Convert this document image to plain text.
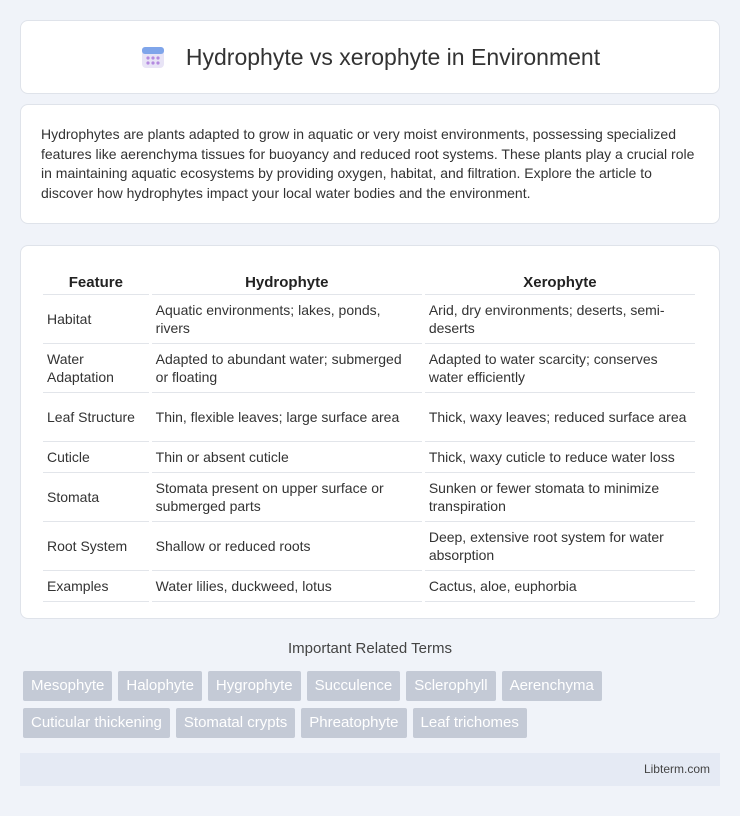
Hydrophyte vs xerophyte in Environment

Hydrophytes are plants adapted to grow in aquatic or very moist environments, possessing specialized features like aerenchyma tissues for buoyancy and reduced root systems. These plants play a crucial role in maintaining aquatic ecosystems by providing oxygen, habitat, and filtration. Explore the article to discover how hydrophytes impact your local water bodies and the environment.

Feature	Hydrophyte	Xerophyte
Habitat	Aquatic environments; lakes, ponds, rivers	Arid, dry environments; deserts, semi-deserts
Water Adaptation	Adapted to abundant water; submerged or floating	Adapted to water scarcity; conserves water efficiently
Leaf Structure	Thin, flexible leaves; large surface area	Thick, waxy leaves; reduced surface area
Cuticle	Thin or absent cuticle	Thick, waxy cuticle to reduce water loss
Stomata	Stomata present on upper surface or submerged parts	Sunken or fewer stomata to minimize transpiration
Root System	Shallow or reduced roots	Deep, extensive root system for water absorption
Examples	Water lilies, duckweed, lotus	Cactus, aloe, euphorbia
Important Related Terms
Mesophyte	Halophyte	Hygrophyte	Succulence	Sclerophyll	Aerenchyma
Cuticular thickening	Stomatal crypts	Phreatophyte	Leaf trichomes
Libterm.com
